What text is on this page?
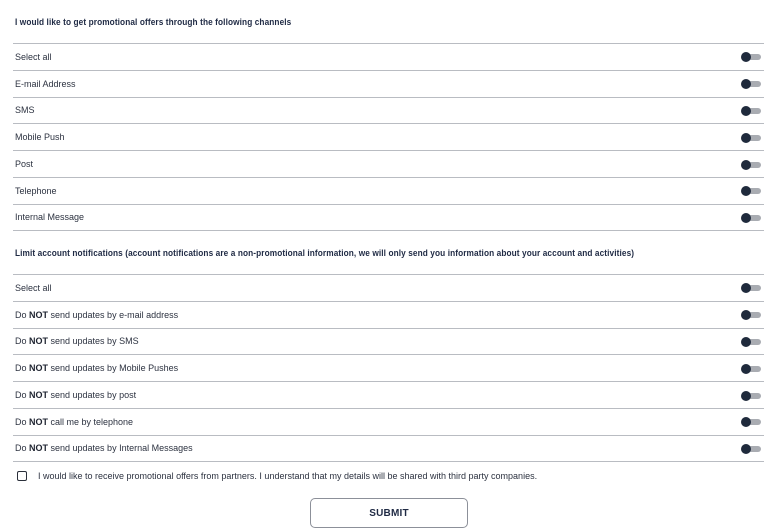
I would like to get promotional offers through the following channels
Select all
E-mail Address
SMS
Mobile Push
Post
Telephone
Internal Message
Limit account notifications (account notifications are a non-promotional information, we will only send you information about your account and activities)
Select all
Do NOT send updates by e-mail address
Do NOT send updates by SMS
Do NOT send updates by Mobile Pushes
Do NOT send updates by post
Do NOT call me by telephone
Do NOT send updates by Internal Messages
I would like to receive promotional offers from partners. I understand that my details will be shared with third party companies.
SUBMIT
